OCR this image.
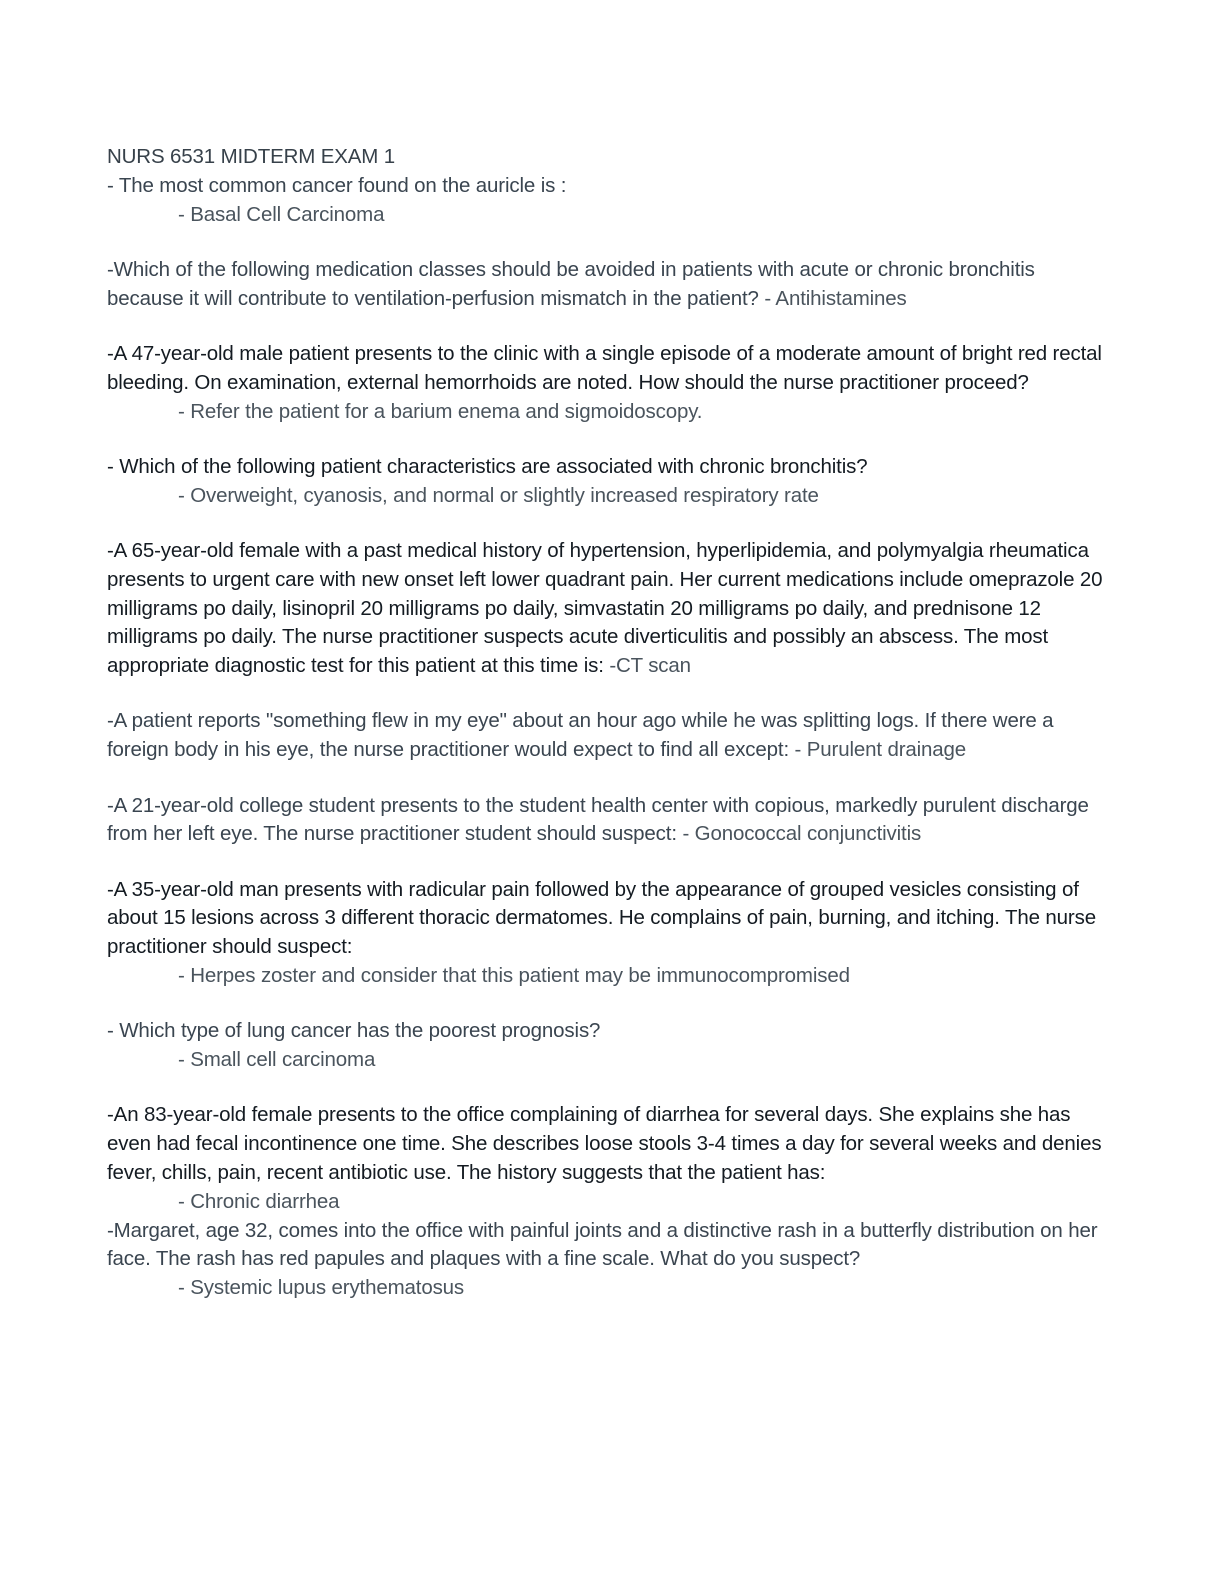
NURS 6531 MIDTERM EXAM 1

- The most common cancer found on the auricle is :

- Basal Cell Carcinoma

-Which of the following medication classes should be avoided in patients with acute or chronic bronchitis because it will contribute to ventilation-perfusion mismatch in the patient? - Antihistamines

-A 47-year-old male patient presents to the clinic with a single episode of a moderate amount of bright red rectal bleeding. On examination, external hemorrhoids are noted. How should the nurse practitioner proceed?

- Refer the patient for a barium enema and sigmoidoscopy.

- Which of the following patient characteristics are associated with chronic bronchitis?

- Overweight, cyanosis, and normal or slightly increased respiratory rate

-A 65-year-old female with a past medical history of hypertension, hyperlipidemia, and polymyalgia rheumatica presents to urgent care with new onset left lower quadrant pain. Her current medications include omeprazole 20 milligrams po daily, lisinopril 20 milligrams po daily, simvastatin 20 milligrams po daily, and prednisone 12 milligrams po daily. The nurse practitioner suspects acute diverticulitis and possibly an abscess. The most appropriate diagnostic test for this patient at this time is: -CT scan

-A patient reports "something flew in my eye" about an hour ago while he was splitting logs. If there were a foreign body in his eye, the nurse practitioner would expect to find all except: - Purulent drainage

-A 21-year-old college student presents to the student health center with copious, markedly purulent discharge from her left eye. The nurse practitioner student should suspect: - Gonococcal conjunctivitis

-A 35-year-old man presents with radicular pain followed by the appearance of grouped vesicles consisting of about 15 lesions across 3 different thoracic dermatomes. He complains of pain, burning, and itching. The nurse practitioner should suspect:

- Herpes zoster and consider that this patient may be immunocompromised

- Which type of lung cancer has the poorest prognosis?

- Small cell carcinoma

-An 83-year-old female presents to the office complaining of diarrhea for several days. She explains she has even had fecal incontinence one time. She describes loose stools 3-4 times a day for several weeks and denies fever, chills, pain, recent antibiotic use. The history suggests that the patient has:

- Chronic diarrhea

-Margaret, age 32, comes into the office with painful joints and a distinctive rash in a butterfly distribution on her face. The rash has red papules and plaques with a fine scale. What do you suspect?

- Systemic lupus erythematosus
